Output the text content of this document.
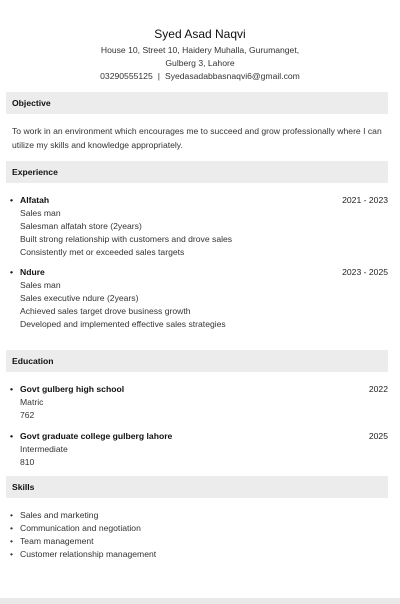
Syed Asad Naqvi
House 10, Street 10, Haidery Muhalla, Gurumanget,
Gulberg 3, Lahore
03290555125 | Syedasadabbasnaqvi6@gmail.com
Objective
To work in an environment which encourages me to succeed and grow professionally where I can
utilize my skills and knowledge appropriately.
Experience
• Alfatah	2021 - 2023
Sales man
Salesman alfatah store (2years)
Built strong relationship with customers and drove sales
Consistently met or exceeded sales targets
• Ndure	2023 - 2025
Sales man
Sales executive ndure (2years)
Achieved sales target drove business growth
Developed and implemented effective sales strategies
Education
• Govt gulberg high school	2022
Matric
762
• Govt graduate college gulberg lahore	2025
Intermediate
810
Skills
• Sales and marketing
• Communication and negotiation
• Team management
• Customer relationship management
